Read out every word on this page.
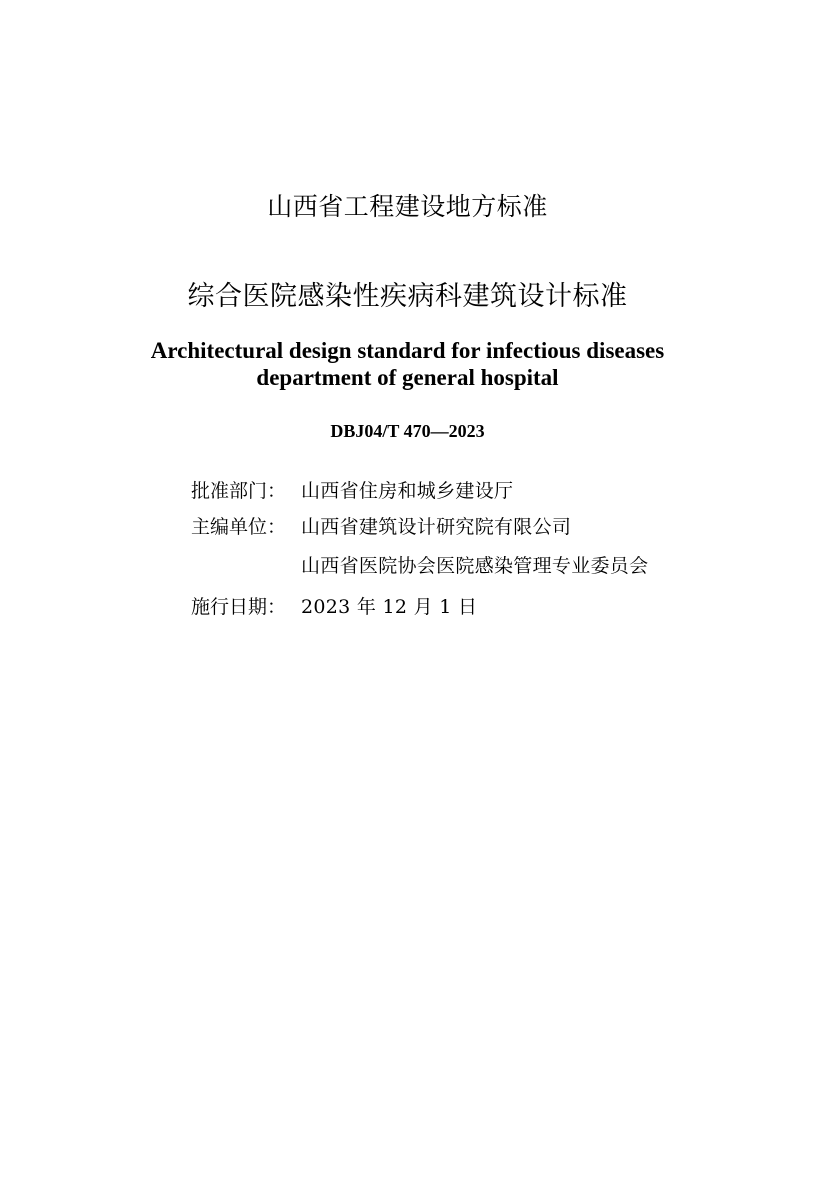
山西省工程建设地方标准
综合医院感染性疾病科建筑设计标准
Architectural design standard for infectious diseases
department of general hospital
DBJ04/T 470—2023
批准部门： 山西省住房和城乡建设厅
主编单位： 山西省建筑设计研究院有限公司
山西省医院协会医院感染管理专业委员会
施行日期： 2023 年 12 月 1 日
